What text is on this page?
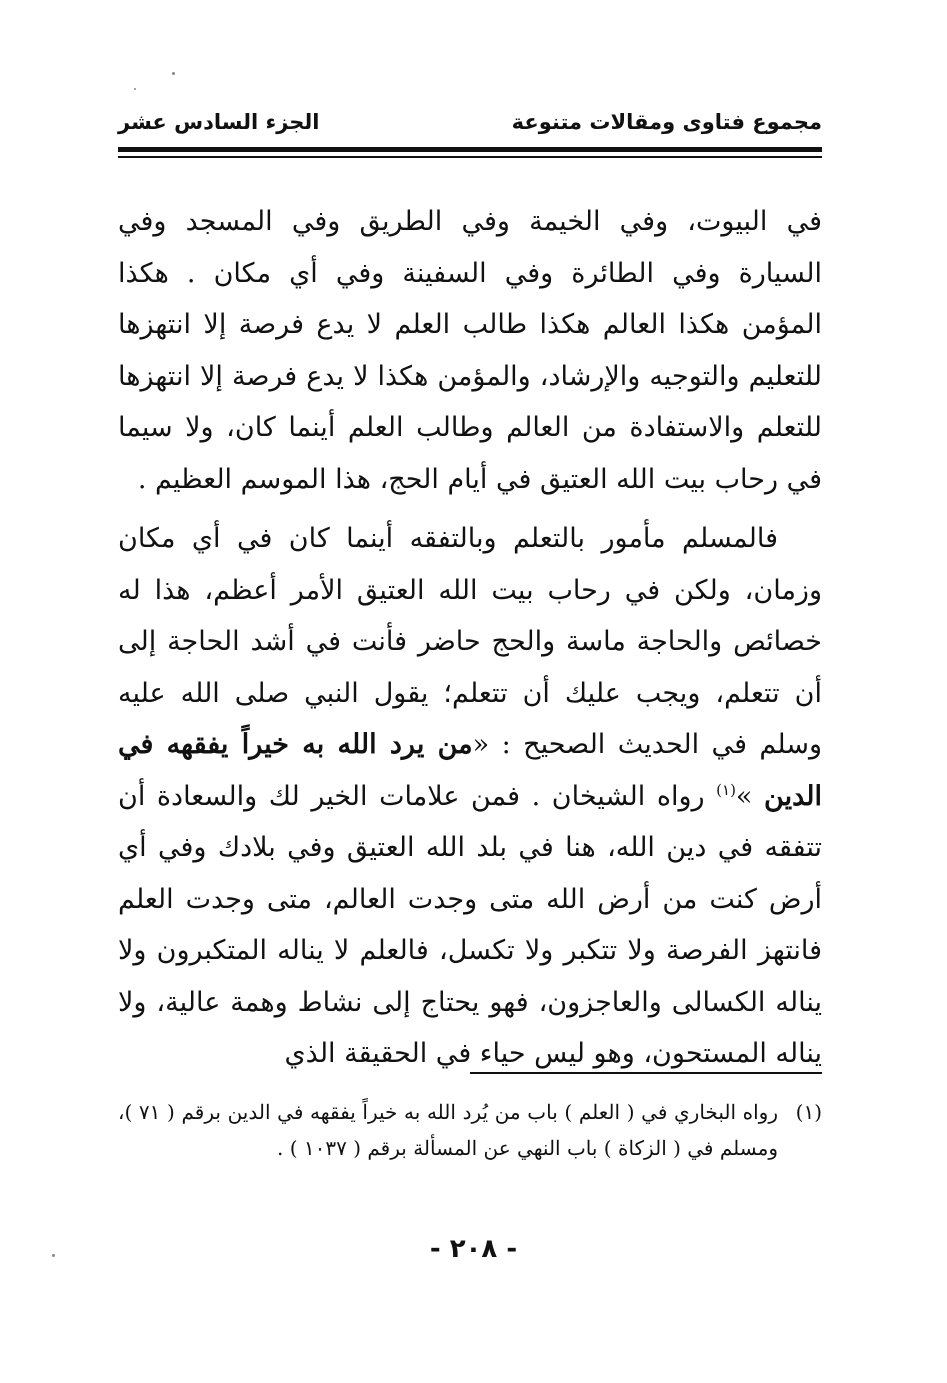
مجموع فتاوى ومقالات متنوعة
الجزء السادس عشر

في البيوت، وفي الخيمة وفي الطريق وفي المسجد وفي السيارة وفي الطائرة وفي السفينة وفي أي مكان . هكذا المؤمن هكذا العالم هكذا طالب العلم لا يدع فرصة إلا انتهزها للتعليم والتوجيه والإرشاد، والمؤمن هكذا لا يدع فرصة إلا انتهزها للتعلم والاستفادة من العالم وطالب العلم أينما كان، ولا سيما في رحاب بيت الله العتيق في أيام الحج، هذا الموسم العظيم .

فالمسلم مأمور بالتعلم وبالتفقه أينما كان في أي مكان وزمان، ولكن في رحاب بيت الله العتيق الأمر أعظم، هذا له خصائص والحاجة ماسة والحج حاضر فأنت في أشد الحاجة إلى أن تتعلم، ويجب عليك أن تتعلم؛ يقول النبي صلى الله عليه وسلم في الحديث الصحيح : «من يرد الله به خيراً يفقهه في الدين »$^{(١)}$ رواه الشيخان . فمن علامات الخير لك والسعادة أن تتفقه في دين الله، هنا في بلد الله العتيق وفي بلادك وفي أي أرض كنت من أرض الله متى وجدت العالم، متى وجدت العلم فانتهز الفرصة ولا تتكبر ولا تكسل، فالعلم لا يناله المتكبرون ولا يناله الكسالى والعاجزون، فهو يحتاج إلى نشاط وهمة عالية، ولا يناله المستحون، وهو ليس حياء في الحقيقة الذي

(١)
رواه البخاري في ( العلم ) باب من يُرد الله به خيراً يفقهه في الدين برقم ( ٧١ )، ومسلم في ( الزكاة ) باب النهي عن المسألة برقم ( ١٠٣٧ ) .
- ٢٠٨ -
